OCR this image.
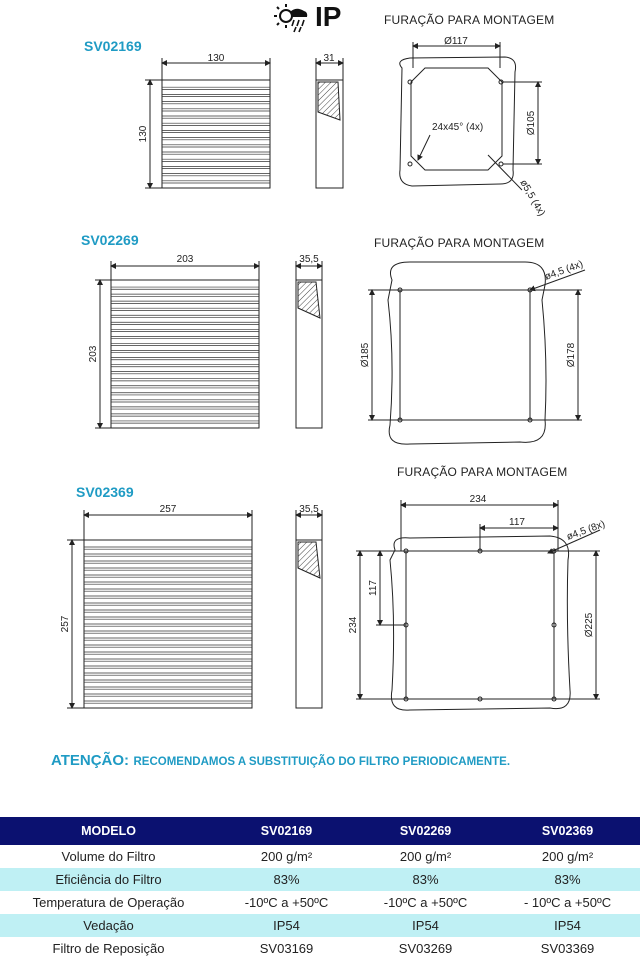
IP	FURAÇÃO PARA MONTAGEM
FURAÇÃO PARA MONTAGEM
FURAÇÃO PARA MONTAGEM
SV02169
SV02269
SV02369
130
130
31
Ø117
Ø105
24x45° (4x)
ø5,5 (4x)
203
203
35,5
Ø185	Ø178
ø4,5 (4x)
257
257
35,5
234
117
117
234	Ø225
ø4,5 (8x)
ATENÇÃO: RECOMENDAMOS A SUBSTITUIÇÃO DO FILTRO PERIODICAMENTE.
MODELO	SV02169	SV02269	SV02369
Volume do Filtro	200 g/m²	200 g/m²	200 g/m²
Eficiência do Filtro	83%	83%	83%
Temperatura de Operação	-10ºC a +50ºC	-10ºC a +50ºC	- 10ºC a +50ºC
Vedação	IP54	IP54	IP54
Filtro de Reposição	SV03169	SV03269	SV03369
